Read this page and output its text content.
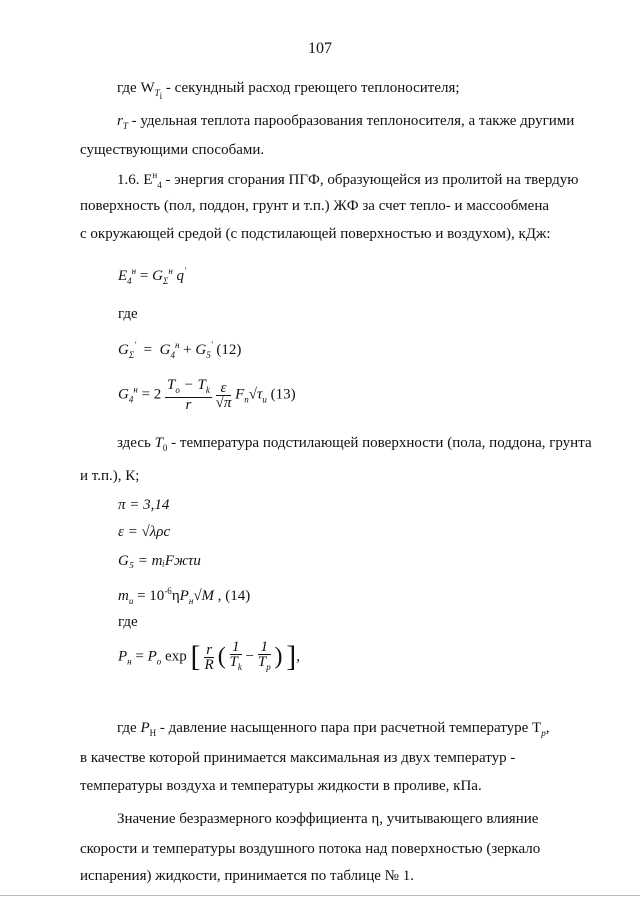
107
где $W_{T_i}$ - секундный расход греющего теплоносителя;
$r_T$ - удельная теплота парообразования теплоносителя, а также другими
существующими способами.
1.6. $E^н_4$ - энергия сгорания ПГФ, образующейся из пролитой на твердую
поверхность (пол, поддон, грунт и т.п.) ЖФ за счет тепло- и массообмена
с окружающей средой (с подстилающей поверхностью и воздухом), кДж:
$E_4^н = G_\Sigma^н$ q'
где
$G_\Sigma' = G_4^н + G_5'$ (12)
$G_4^н = 2 \frac{T_o - T_k}{r}$
$\frac{\varepsilon}{√\pi} F_n√\tau_и$ (13)
здесь $T_0$ - температура подстилающей поверхности (пола, поддона, грунта
и т.п.), К;
π = 3,14
ε = √λρc
G₅ = mᵢFжτи
$m_и = 10^{-6}\eta P_н√M$ , (14)
где
$P_н = P_o$ exp [ $\frac{r}{R}$ ( $\frac{1}{T_k} - \frac{1}{T_p}$ ) ],
где $P_H$ - давление насыщенного пара при расчетной температуре $Т_p$,
в качестве которой принимается максимальная из двух температур -
температуры воздуха и температуры жидкости в проливе, кПа.
Значение безразмерного коэффициента η, учитывающего влияние
скорости и температуры воздушного потока над поверхностью (зеркало
испарения) жидкости, принимается по таблице № 1.
